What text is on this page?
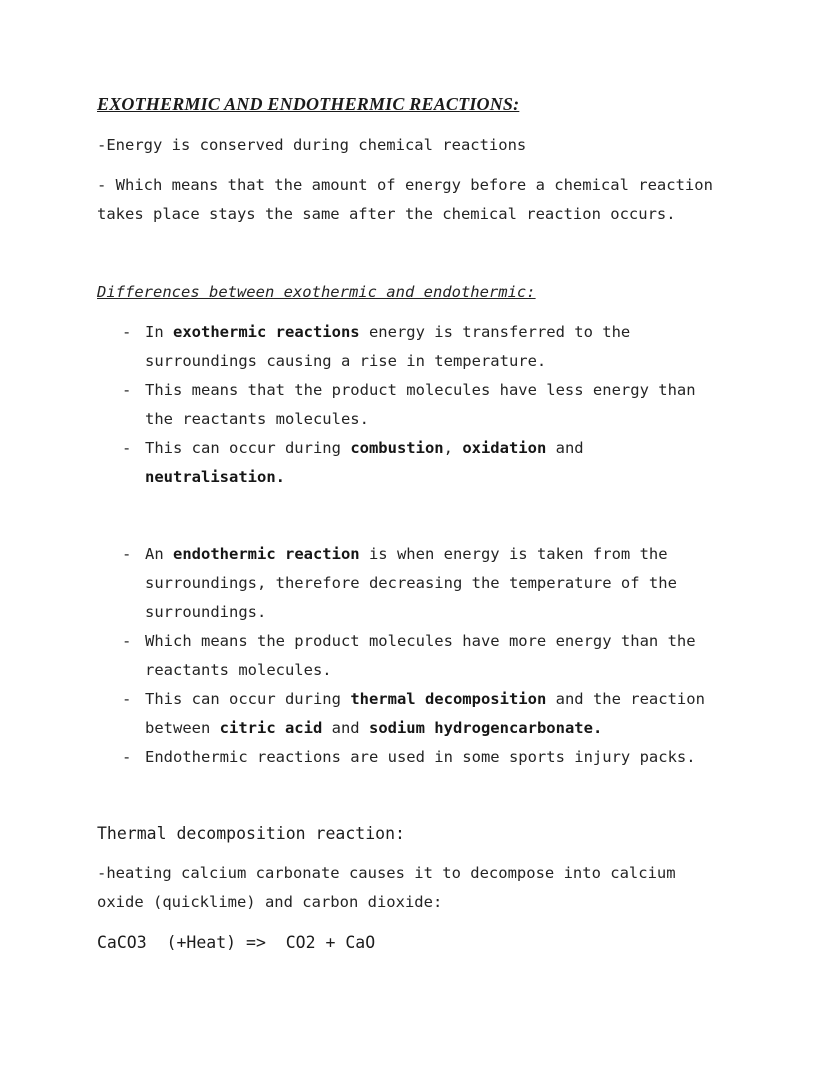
EXOTHERMIC AND ENDOTHERMIC REACTIONS:

-Energy is conserved during chemical reactions

- Which means that the amount of energy before a chemical reaction takes place stays the same after the chemical reaction occurs.

Differences between exothermic and endothermic:
- In exothermic reactions energy is transferred to the surroundings causing a rise in temperature.
- This means that the product molecules have less energy than the reactants molecules.
- This can occur during combustion, oxidation and neutralisation.
- An endothermic reaction is when energy is taken from the surroundings, therefore decreasing the temperature of the surroundings.
- Which means the product molecules have more energy than the reactants molecules.
- This can occur during thermal decomposition and the reaction between citric acid and sodium hydrogencarbonate.
- Endothermic reactions are used in some sports injury packs.
Thermal decomposition reaction:

-heating calcium carbonate causes it to decompose into calcium oxide (quicklime) and carbon dioxide:

CaCO3  (+Heat) =>  CO2 + CaO
